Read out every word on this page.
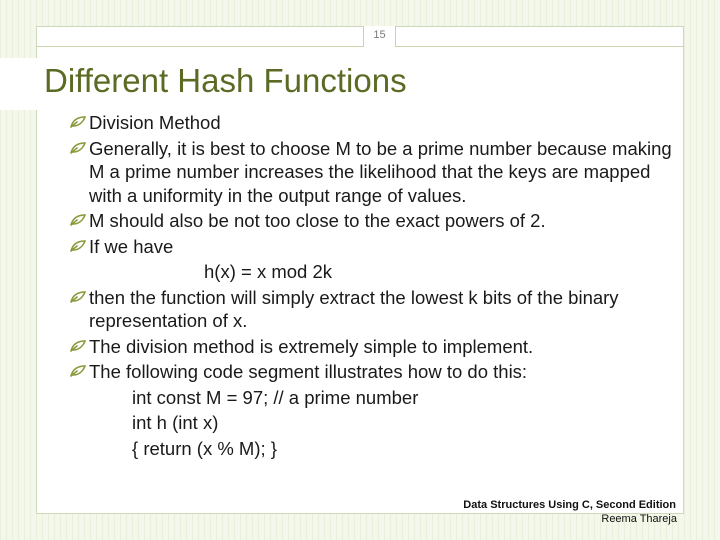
15
Different Hash Functions
Division Method
Generally, it is best to choose M to be a prime number because making M a prime number increases the likelihood that the keys are mapped with a uniformity in the output range of values.
M should also be not too close to the exact powers of 2.
If we have
h(x) = x mod 2k
then the function will simply extract the lowest k bits of the binary representation of x.
The division method is extremely simple to implement.
The following code segment illustrates how to do this:
int const M = 97; // a prime number
int h (int x)
{ return (x % M); }
Data Structures Using C, Second Edition
Reema Thareja
